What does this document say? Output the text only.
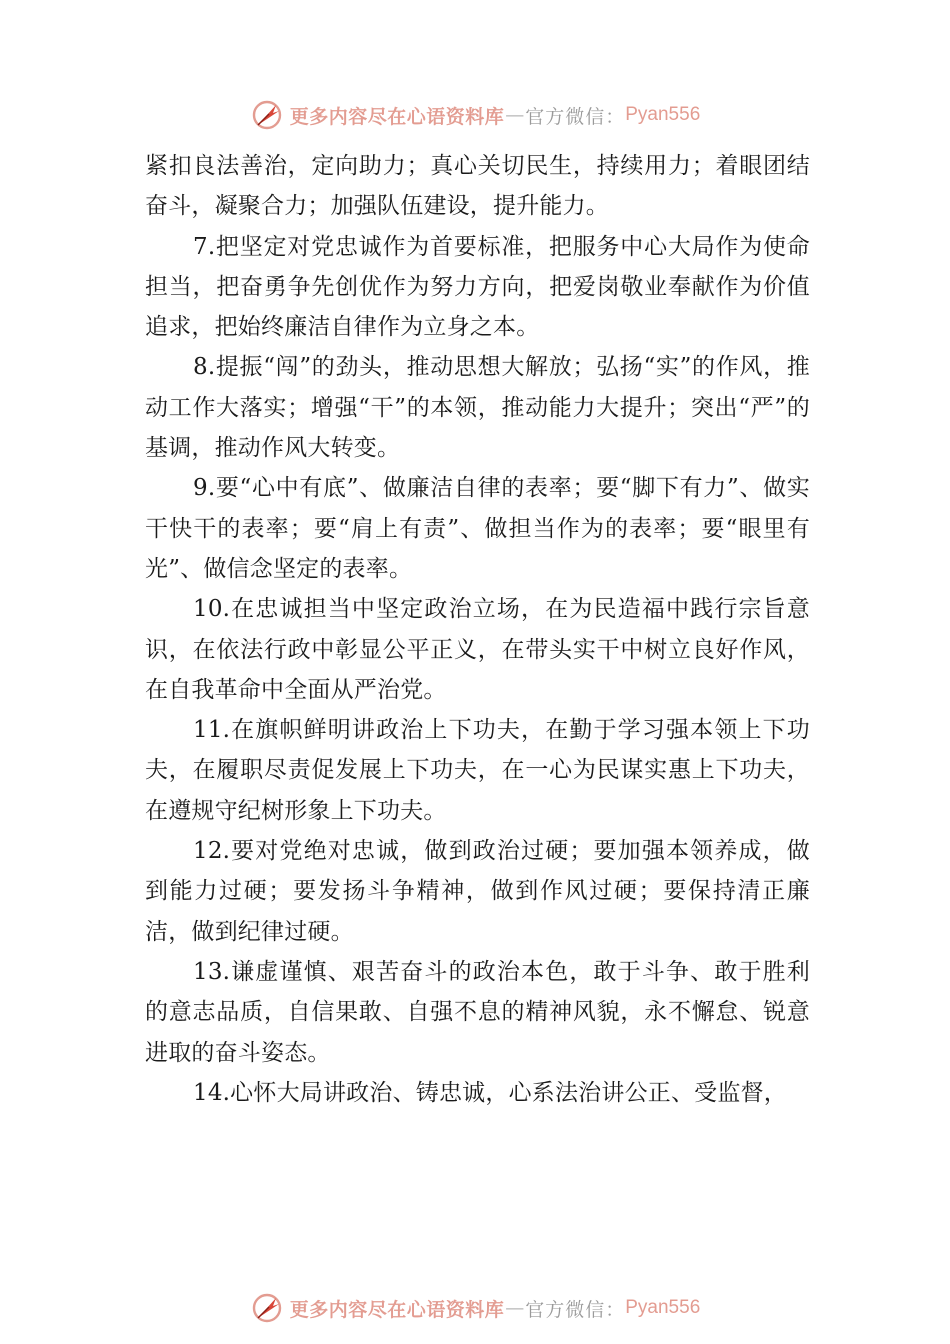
更多内容尽在心语资料库 — 官方微信： Pyan556

紧扣良法善治，定向助力；真心关切民生，持续用力；着眼团结奋斗，凝聚合力；加强队伍建设，提升能力。

7.把坚定对党忠诚作为首要标准，把服务中心大局作为使命担当，把奋勇争先创优作为努力方向，把爱岗敬业奉献作为价值追求，把始终廉洁自律作为立身之本。

8.提振“闯”的劲头，推动思想大解放；弘扬“实”的作风，推动工作大落实；增强“干”的本领，推动能力大提升；突出“严”的基调，推动作风大转变。

9.要“心中有底”、做廉洁自律的表率；要“脚下有力”、做实干快干的表率；要“肩上有责”、做担当作为的表率；要“眼里有光”、做信念坚定的表率。

10.在忠诚担当中坚定政治立场，在为民造福中践行宗旨意识，在依法行政中彰显公平正义，在带头实干中树立良好作风，在自我革命中全面从严治党。

11.在旗帜鲜明讲政治上下功夫，在勤于学习强本领上下功夫，在履职尽责促发展上下功夫，在一心为民谋实惠上下功夫，在遵规守纪树形象上下功夫。

12.要对党绝对忠诚，做到政治过硬；要加强本领养成，做到能力过硬；要发扬斗争精神，做到作风过硬；要保持清正廉洁，做到纪律过硬。

13.谦虚谨慎、艰苦奋斗的政治本色，敢于斗争、敢于胜利的意志品质，自信果敢、自强不息的精神风貌，永不懈怠、锐意进取的奋斗姿态。

14.心怀大局讲政治、铸忠诚，心系法治讲公正、受监督，

更多内容尽在心语资料库 — 官方微信： Pyan556
